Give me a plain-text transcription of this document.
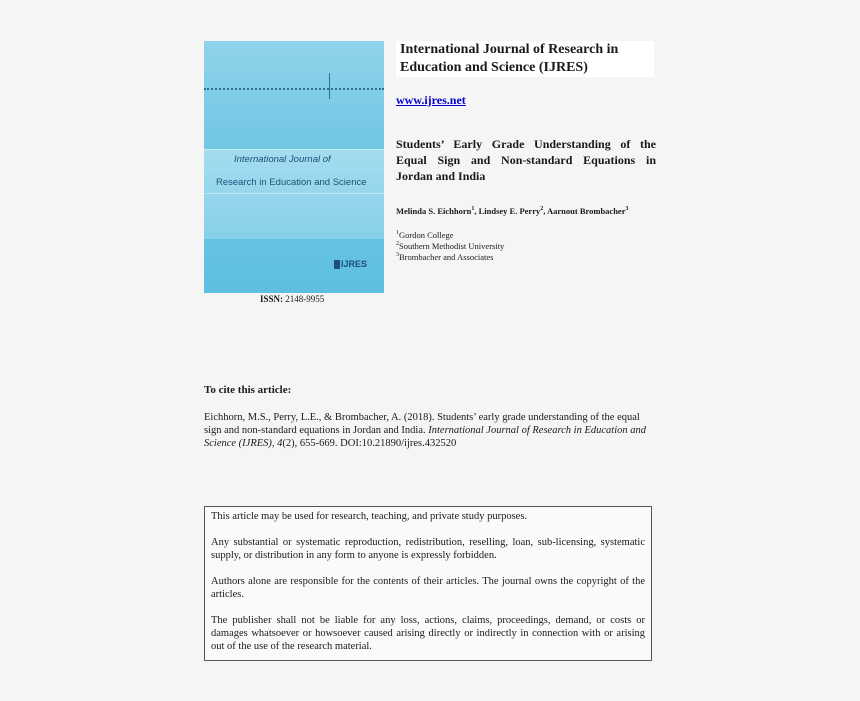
International Journal of
Research in Education and Science
IJRES
ISSN: 2148-9955
International Journal of Research in
Education and Science (IJRES)
www.ijres.net
Students’ Early Grade Understanding of the Equal Sign and Non-standard Equations in Jordan and India
Melinda S. Eichhorn$^1$, Lindsey E. Perry$^2$, Aarnout Brombacher$^3$
$^1$Gordon College
$^2$Southern Methodist University
$^3$Brombacher and Associates
To cite this article:
Eichhorn, M.S., Perry, L.E., & Brombacher, A. (2018). Students’ early grade understanding of the equal sign and non-standard equations in Jordan and India. International Journal of Research in Education and Science (IJRES), 4(2), 655-669. DOI:10.21890/ijres.432520

This article may be used for research, teaching, and private study purposes.

Any substantial or systematic reproduction, redistribution, reselling, loan, sub-licensing, systematic supply, or distribution in any form to anyone is expressly forbidden.

Authors alone are responsible for the contents of their articles. The journal owns the copyright of the articles.

The publisher shall not be liable for any loss, actions, claims, proceedings, demand, or costs or damages whatsoever or howsoever caused arising directly or indirectly in connection with or arising out of the use of the research material.
